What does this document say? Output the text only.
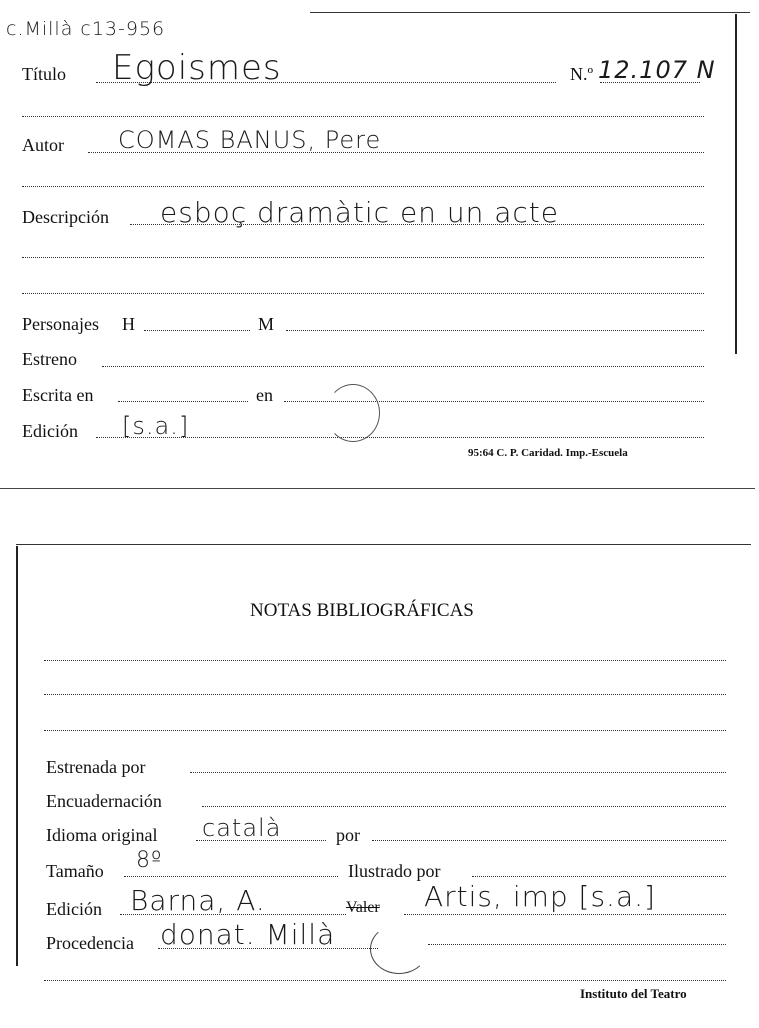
c.Millà c13-956
Título Egoismes	N.º 12.107 N
Autor COMAS BANUS, Pere
Descripción esboç dramàtic en un acte
Personajes H	M
Estreno
Escrita en	en
Edición [s.a.]
95:64 C. P. Caridad. Imp.-Escuela
NOTAS BIBLIOGRÁFICAS
Estrenada por
Encuadernación
Idioma original català	por
Tamaño 8º	Ilustrado por
Edición Barna, A.	Valer Artis, imp [s.a.]
Procedencia donat. Millà
Instituto del Teatro
